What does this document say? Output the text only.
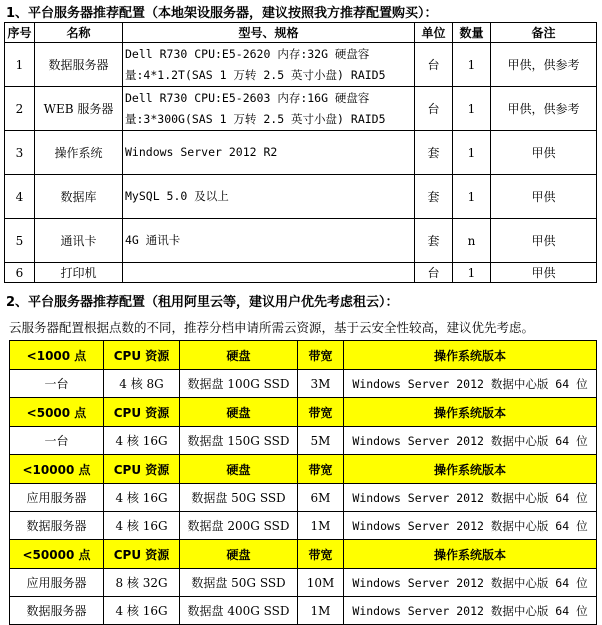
1、平台服务器推荐配置（本地架设服务器，建议按照我方推荐配置购买）：
序号	名称	型号、规格	单位	数量	备注
1	数据服务器	Dell R730 CPU:E5-2620 内存:32G 硬盘容
量:4*1.2T(SAS 1 万转 2.5 英寸小盘) RAID5	台	1	甲供，供参考
2	WEB 服务器	Dell R730 CPU:E5-2603 内存:16G 硬盘容
量:3*300G(SAS 1 万转 2.5 英寸小盘) RAID5	台	1	甲供，供参考
3	操作系统	Windows Server 2012 R2	套	1	甲供
4	数据库	MySQL 5.0 及以上	套	1	甲供
5	通讯卡	4G 通讯卡	套	n	甲供
6	打印机		台	1	甲供
2、平台服务器推荐配置（租用阿里云等，建议用户优先考虑租云）：
云服务器配置根据点数的不同，推荐分档申请所需云资源，基于云安全性较高，建议优先考虑。
<1000 点	CPU 资源	硬盘	带宽	操作系统版本
一台	4 核 8G	数据盘 100G SSD	3M	Windows Server 2012 数据中心版 64 位
<5000 点	CPU 资源	硬盘	带宽	操作系统版本
一台	4 核 16G	数据盘 150G SSD	5M	Windows Server 2012 数据中心版 64 位
<10000 点	CPU 资源	硬盘	带宽	操作系统版本
应用服务器	4 核 16G	数据盘 50G SSD	6M	Windows Server 2012 数据中心版 64 位
数据服务器	4 核 16G	数据盘 200G SSD	1M	Windows Server 2012 数据中心版 64 位
<50000 点	CPU 资源	硬盘	带宽	操作系统版本
应用服务器	8 核 32G	数据盘 50G SSD	10M	Windows Server 2012 数据中心版 64 位
数据服务器	4 核 16G	数据盘 400G SSD	1M	Windows Server 2012 数据中心版 64 位
